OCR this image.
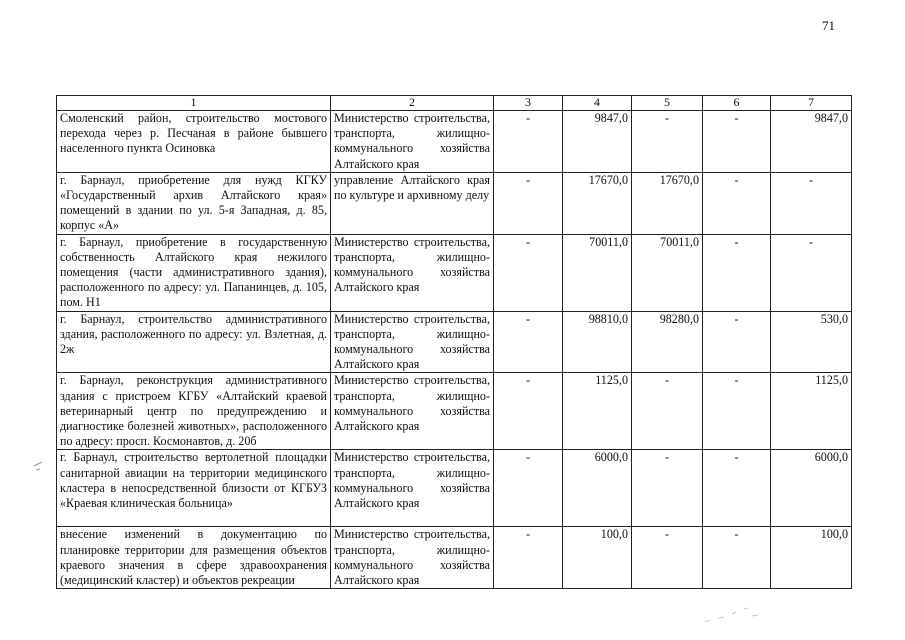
71
1	2	3	4	5	6	7
Смоленский район, строительство мостового перехода через р. Песчаная в районе бывшего населенного пункта Осиновка	Министерство строительства, транспорта, жилищно-коммунального хозяйства Алтайского края	-	9847,0	-	-	9847,0
г. Барнаул, приобретение для нужд КГКУ «Государственный архив Алтайского края» помещений в здании по ул. 5-я Западная, д. 85, корпус «А»	управление Алтайского края по культуре и архивному делу	-	17670,0	17670,0	-	-
г. Барнаул, приобретение в государственную собственность Алтайского края нежилого помещения (части административного здания), расположенного по адресу: ул. Папанинцев, д. 105, пом. Н1	Министерство строительства, транспорта, жилищно-коммунального хозяйства Алтайского края	-	70011,0	70011,0	-	-
г. Барнаул, строительство административного здания, расположенного по адресу: ул. Взлетная, д. 2ж	Министерство строительства, транспорта, жилищно-коммунального хозяйства Алтайского края	-	98810,0	98280,0	-	530,0
г. Барнаул, реконструкция административного здания с пристроем КГБУ «Алтайский краевой ветеринарный центр по предупреждению и диагностике болезней животных», расположенного по адресу: просп. Космонавтов, д. 20б	Министерство строительства, транспорта, жилищно-коммунального хозяйства Алтайского края	-	1125,0	-	-	1125,0
г. Барнаул, строительство вертолетной площадки санитарной авиации на территории медицинского кластера в непосредственной близости от КГБУЗ «Краевая клиническая больница»	Министерство строительства, транспорта, жилищно-коммунального хозяйства Алтайского края	-	6000,0	-	-	6000,0
внесение изменений в документацию по планировке территории для размещения объектов краевого значения в сфере здравоохранения (медицинский кластер) и объектов рекреации	Министерство строительства, транспорта, жилищно-коммунального хозяйства Алтайского края	-	100,0	-	-	100,0
